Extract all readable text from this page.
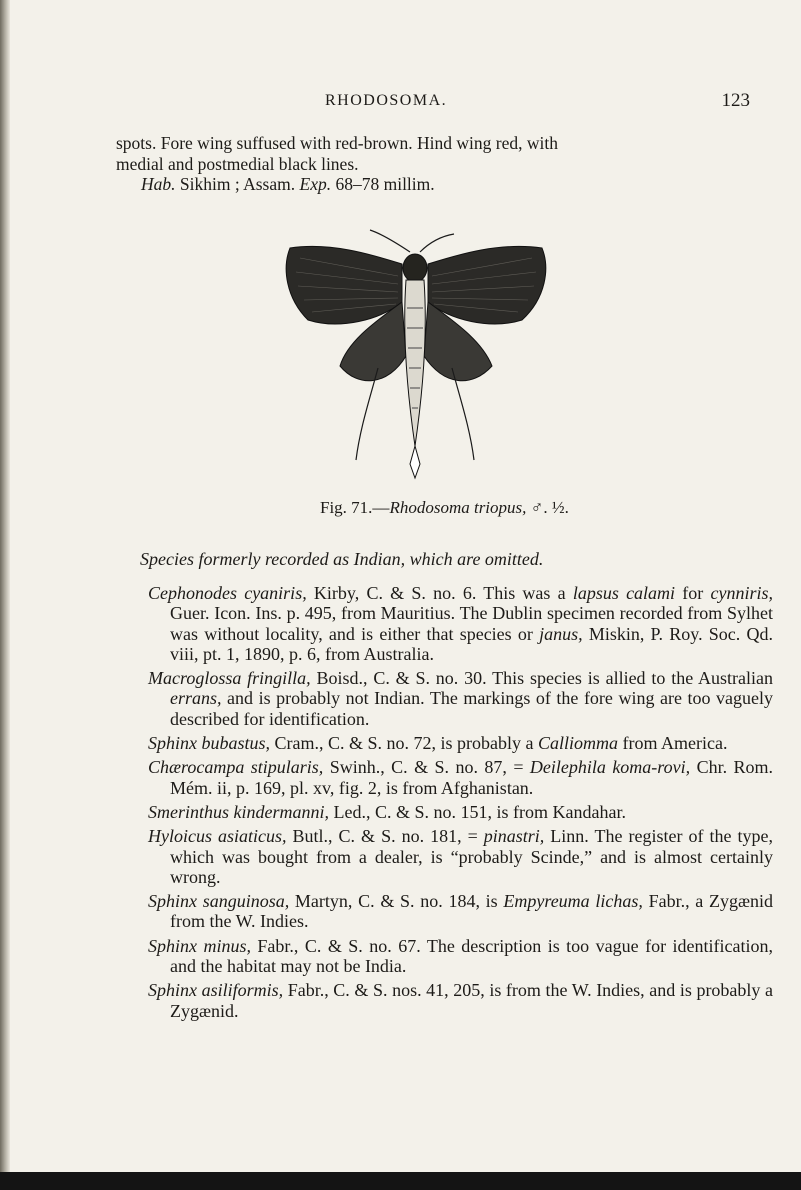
RHODOSOMA.	123

spots. Fore wing suffused with red-brown. Hind wing red, with

medial and postmedial black lines.

Hab. Sikhim ; Assam. Exp. 68–78 millim.

Fig. 71.—Rhodosoma triopus, ♂. ½.
Species formerly recorded as Indian, which are omitted.

Cephonodes cyaniris, Kirby, C. & S. no. 6. This was a lapsus calami for cynniris, Guer. Icon. Ins. p. 495, from Mauritius. The Dublin specimen recorded from Sylhet was without locality, and is either that species or janus, Miskin, P. Roy. Soc. Qd. viii, pt. 1, 1890, p. 6, from Australia.

Macroglossa fringilla, Boisd., C. & S. no. 30. This species is allied to the Australian errans, and is probably not Indian. The markings of the fore wing are too vaguely described for identification.

Sphinx bubastus, Cram., C. & S. no. 72, is probably a Calliomma from America.

Chærocampa stipularis, Swinh., C. & S. no. 87, = Deilephila koma-rovi, Chr. Rom. Mém. ii, p. 169, pl. xv, fig. 2, is from Afghanistan.

Smerinthus kindermanni, Led., C. & S. no. 151, is from Kandahar.

Hyloicus asiaticus, Butl., C. & S. no. 181, = pinastri, Linn. The register of the type, which was bought from a dealer, is “probably Scinde,” and is almost certainly wrong.

Sphinx sanguinosa, Martyn, C. & S. no. 184, is Empyreuma lichas, Fabr., a Zygænid from the W. Indies.

Sphinx minus, Fabr., C. & S. no. 67. The description is too vague for identification, and the habitat may not be India.

Sphinx asiliformis, Fabr., C. & S. nos. 41, 205, is from the W. Indies, and is probably a Zygænid.
